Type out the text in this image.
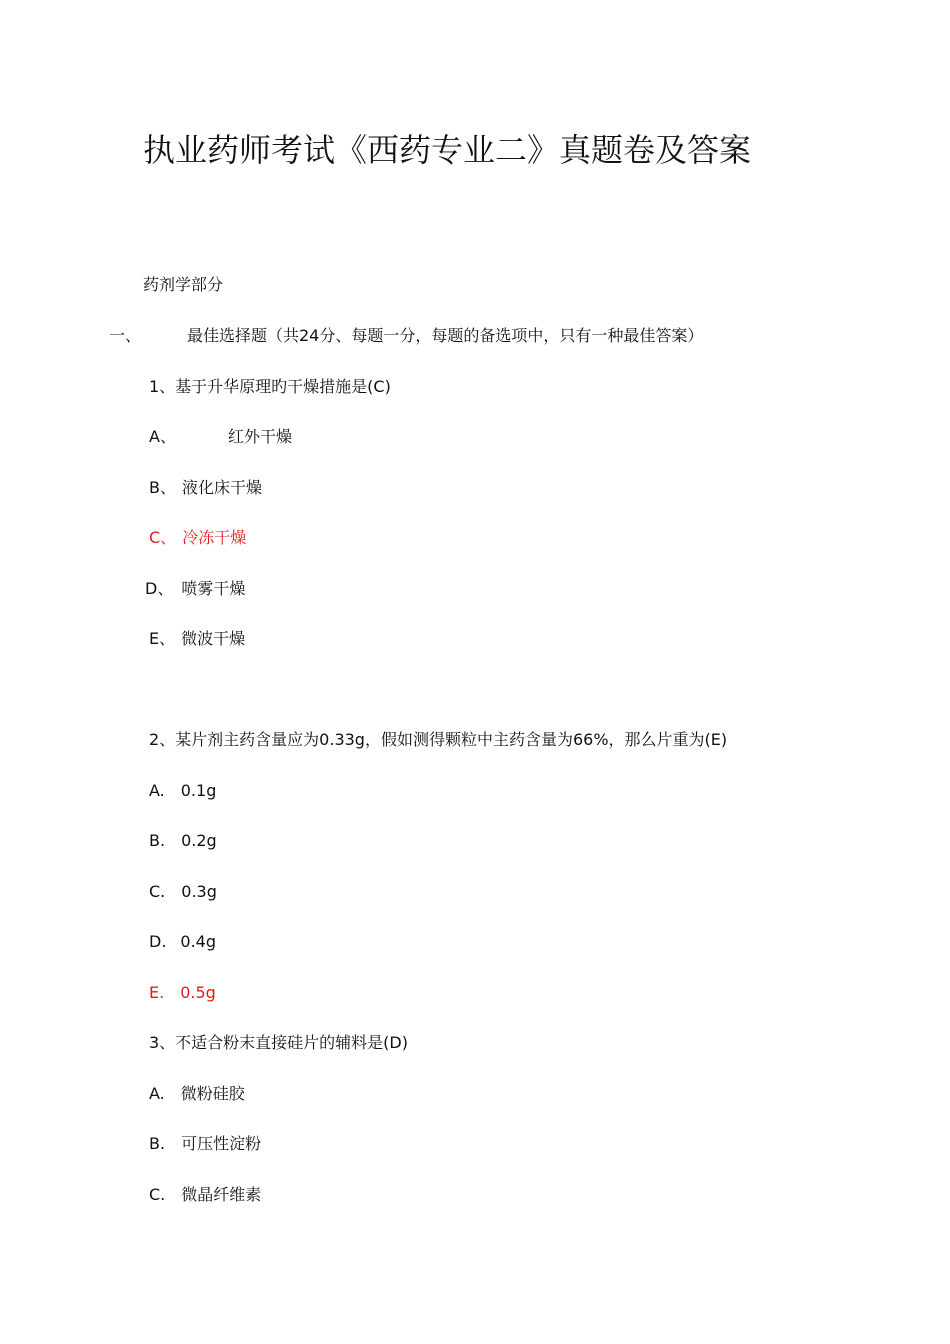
执业药师考试《西药专业二》真题卷及答案
药剂学部分
一、	最佳选择题（共24分、每题一分，每题的备选项中，只有一种最佳答案）
1、基于升华原理旳干燥措施是(C)
A、	红外干燥
B、 液化床干燥
C、 冷冻干燥
D、 喷雾干燥
E、 微波干燥
2、某片剂主药含量应为0.33g，假如测得颗粒中主药含量为66%，那么片重为(E)
A. 0.1g
B. 0.2g
C. 0.3g
D. 0.4g
E. 0.5g
3、不适合粉末直接硅片的辅料是(D)
A. 微粉硅胶
B. 可压性淀粉
C. 微晶纤维素
